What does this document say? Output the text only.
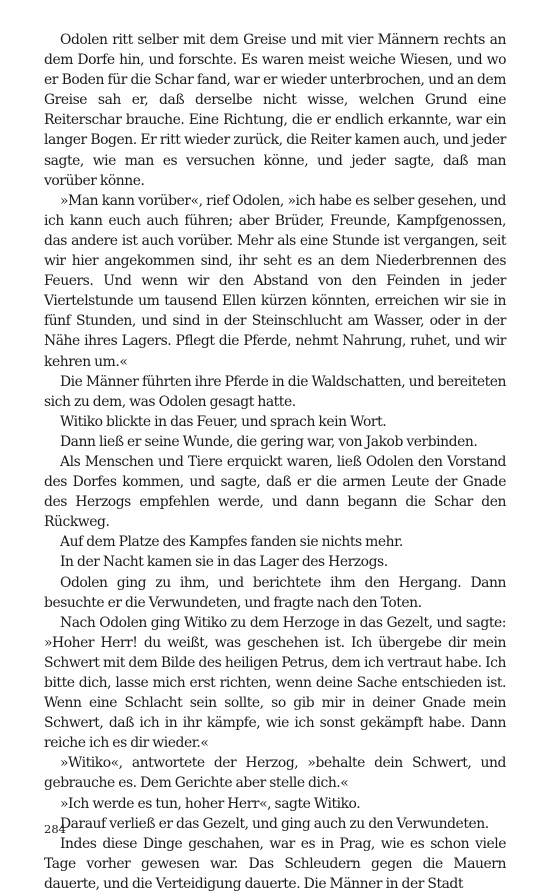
Odolen ritt selber mit dem Greise und mit vier Männern rechts an dem Dorfe hin, und forschte. Es waren meist weiche Wiesen, und wo er Boden für die Schar fand, war er wieder unterbrochen, und an dem Greise sah er, daß derselbe nicht wisse, welchen Grund eine Reiterschar brauche. Eine Richtung, die er endlich erkannte, war ein langer Bogen. Er ritt wieder zurück, die Reiter kamen auch, und jeder sagte, wie man es versuchen könne, und jeder sagte, daß man vorüber könne.

»Man kann vorüber«, rief Odolen, »ich habe es selber gesehen, und ich kann euch auch führen; aber Brüder, Freunde, Kampfgenossen, das andere ist auch vorüber. Mehr als eine Stunde ist vergangen, seit wir hier angekommen sind, ihr seht es an dem Niederbrennen des Feuers. Und wenn wir den Abstand von den Feinden in jeder Viertelstunde um tausend Ellen kürzen könnten, erreichen wir sie in fünf Stunden, und sind in der Steinschlucht am Wasser, oder in der Nähe ihres Lagers. Pflegt die Pferde, nehmt Nahrung, ruhet, und wir kehren um.«

Die Männer führten ihre Pferde in die Waldschatten, und bereiteten sich zu dem, was Odolen gesagt hatte.

Witiko blickte in das Feuer, und sprach kein Wort.

Dann ließ er seine Wunde, die gering war, von Jakob verbinden.

Als Menschen und Tiere erquickt waren, ließ Odolen den Vorstand des Dorfes kommen, und sagte, daß er die armen Leute der Gnade des Herzogs empfehlen werde, und dann begann die Schar den Rückweg.

Auf dem Platze des Kampfes fanden sie nichts mehr.

In der Nacht kamen sie in das Lager des Herzogs.

Odolen ging zu ihm, und berichtete ihm den Hergang. Dann besuchte er die Verwundeten, und fragte nach den Toten.

Nach Odolen ging Witiko zu dem Herzoge in das Gezelt, und sagte: »Hoher Herr! du weißt, was geschehen ist. Ich übergebe dir mein Schwert mit dem Bilde des heiligen Petrus, dem ich vertraut habe. Ich bitte dich, lasse mich erst richten, wenn deine Sache entschieden ist. Wenn eine Schlacht sein sollte, so gib mir in deiner Gnade mein Schwert, daß ich in ihr kämpfe, wie ich sonst gekämpft habe. Dann reiche ich es dir wieder.«

»Witiko«, antwortete der Herzog, »behalte dein Schwert, und gebrauche es. Dem Gerichte aber stelle dich.«

»Ich werde es tun, hoher Herr«, sagte Witiko.

Darauf verließ er das Gezelt, und ging auch zu den Verwundeten.

Indes diese Dinge geschahen, war es in Prag, wie es schon viele Tage vorher gewesen war. Das Schleudern gegen die Mauern dauerte, und die Verteidigung dauerte. Die Männer in der Stadt

284
